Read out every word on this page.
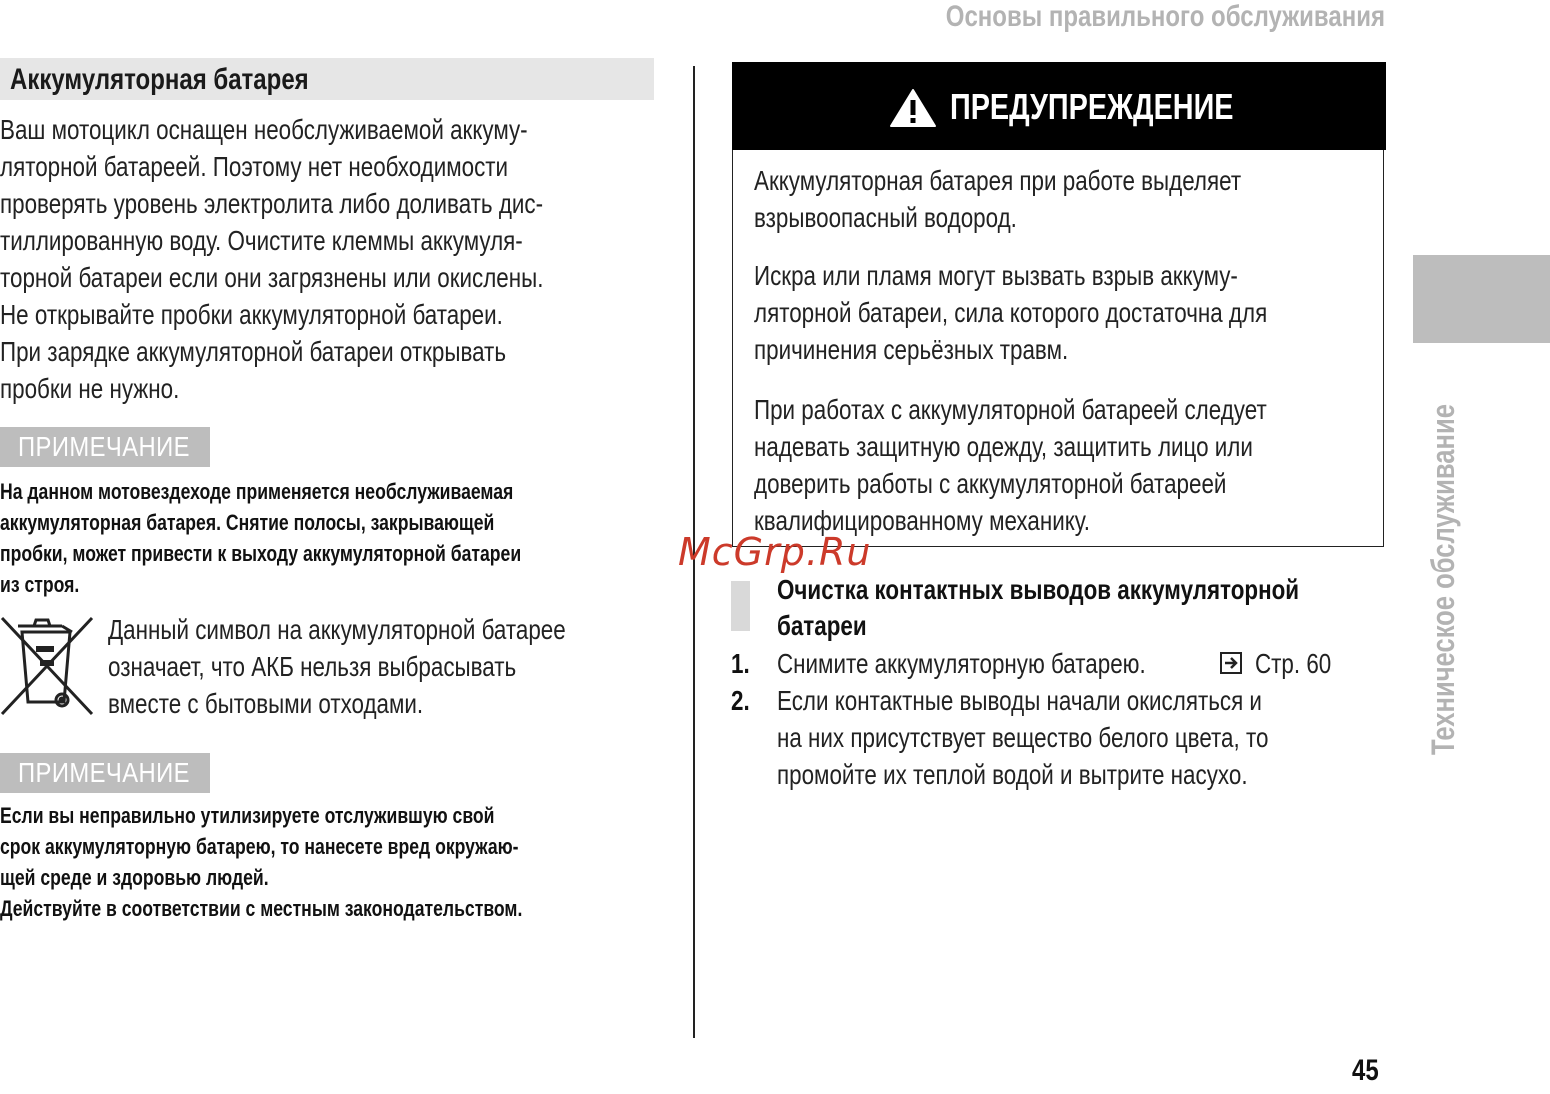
Основы правильного обслуживания
Аккумуляторная батарея
Ваш мотоцикл оснащен необслуживаемой аккуму-
ляторной батареей. Поэтому нет необходимости
проверять уровень электролита либо доливать дис-
тиллированную воду. Очистите клеммы аккумуля-
торной батареи если они загрязнены или окислены.
Не открывайте пробки аккумуляторной батареи.
При зарядке аккумуляторной батареи открывать
пробки не нужно.
ПРИМЕЧАНИЕ
На данном мотовездеходе применяется необслуживаемая
аккумуляторная батарея. Снятие полосы, закрывающей
пробки, может привести к выходу аккумуляторной батареи
из строя.
Данный символ на аккумуляторной батарее
означает, что АКБ нельзя выбрасывать
вместе с бытовыми отходами.
ПРИМЕЧАНИЕ
Если вы неправильно утилизируете отслужившую свой
срок аккумуляторную батарею, то нанесете вред окружаю-
щей среде и здоровью людей.
Действуйте в соответствии с местным законодательством.
ПРЕДУПРЕЖДЕНИЕ
Аккумуляторная батарея при работе выделяет
взрывоопасный водород.
Искра или пламя могут вызвать взрыв аккуму-
ляторной батареи, сила которого достаточна для
причинения серьёзных травм.
При работах с аккумуляторной батареей следует
надевать защитную одежду, защитить лицо или
доверить работы с аккумуляторной батареей
квалифицированному механику.
McGrp.Ru
Очистка контактных выводов аккумуляторной
батареи
1. Снимите аккумуляторную батарею.	Стр. 60
2. Если контактные выводы начали окисляться и
на них присутствует вещество белого цвета, то
промойте их теплой водой и вытрите насухо.
Техническое обслуживание
45
